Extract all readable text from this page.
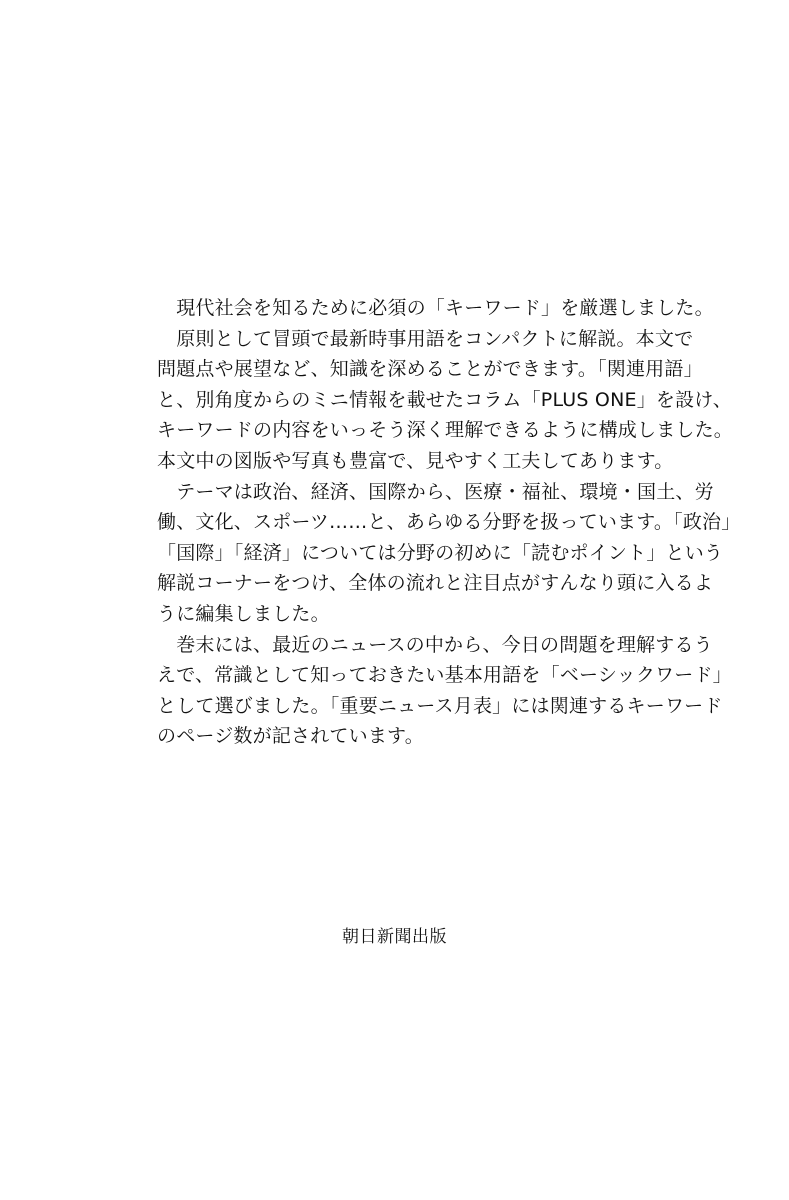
　現代社会を知るために必須の「キーワード」を厳選しました。
　原則として冒頭で最新時事用語をコンパクトに解説。本文で
問題点や展望など、知識を深めることができます。「関連用語」
と、別角度からのミニ情報を載せたコラム「PLUS ONE」を設け、
キーワードの内容をいっそう深く理解できるように構成しました。
本文中の図版や写真も豊富で、見やすく工夫してあります。
　テーマは政治、経済、国際から、医療・福祉、環境・国土、労
働、文化、スポーツ……と、あらゆる分野を扱っています。「政治」
「国際」「経済」については分野の初めに「読むポイント」という
解説コーナーをつけ、全体の流れと注目点がすんなり頭に入るよ
うに編集しました。
　巻末には、最近のニュースの中から、今日の問題を理解するう
えで、常識として知っておきたい基本用語を「ベーシックワード」
として選びました。「重要ニュース月表」には関連するキーワード
のページ数が記されています。
朝日新聞出版
